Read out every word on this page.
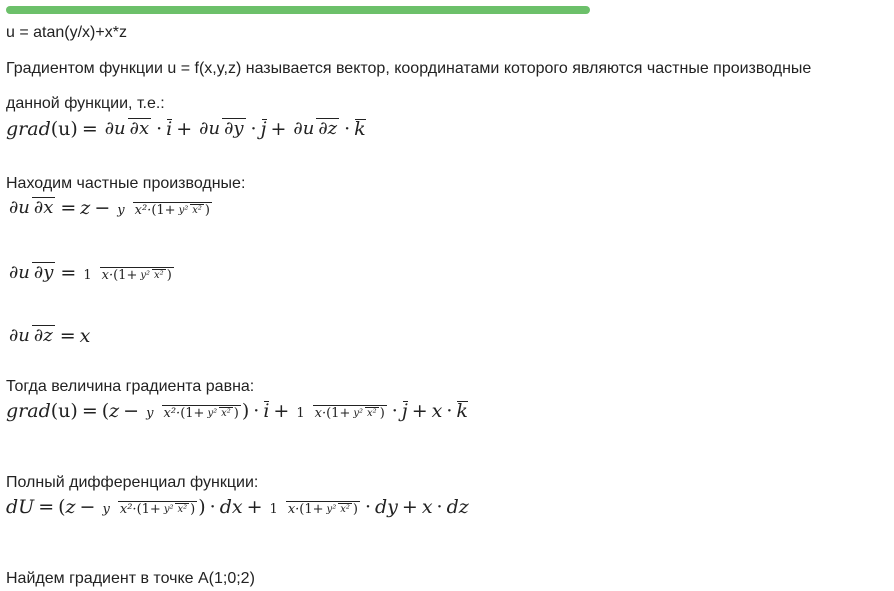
u = atan(y/x)+x*z
Градиентом функции u = f(x,y,z) называется вектор, координатами которого являются частные производные
данной функции, т.е.:
grad (u) = ∂u ∂x · i + ∂u ∂y · j + ∂u ∂z · k
Находим частные производные:
∂u ∂x = z − y x²·(1+ y² x² )
∂u ∂y = 1 x·(1+ y² x² )
∂u ∂z = x
Тогда величина градиента равна:
grad (u) = ( z − y x²·(1+ y² x² ) ) · i + 1 x·(1+ y² x² ) · j + x · k
Полный дифференциал функции:
dU = ( z − y x²·(1+ y² x² ) ) · dx + 1 x·(1+ y² x² ) · dy + x · dz
Найдем градиент в точке A(1;0;2)
